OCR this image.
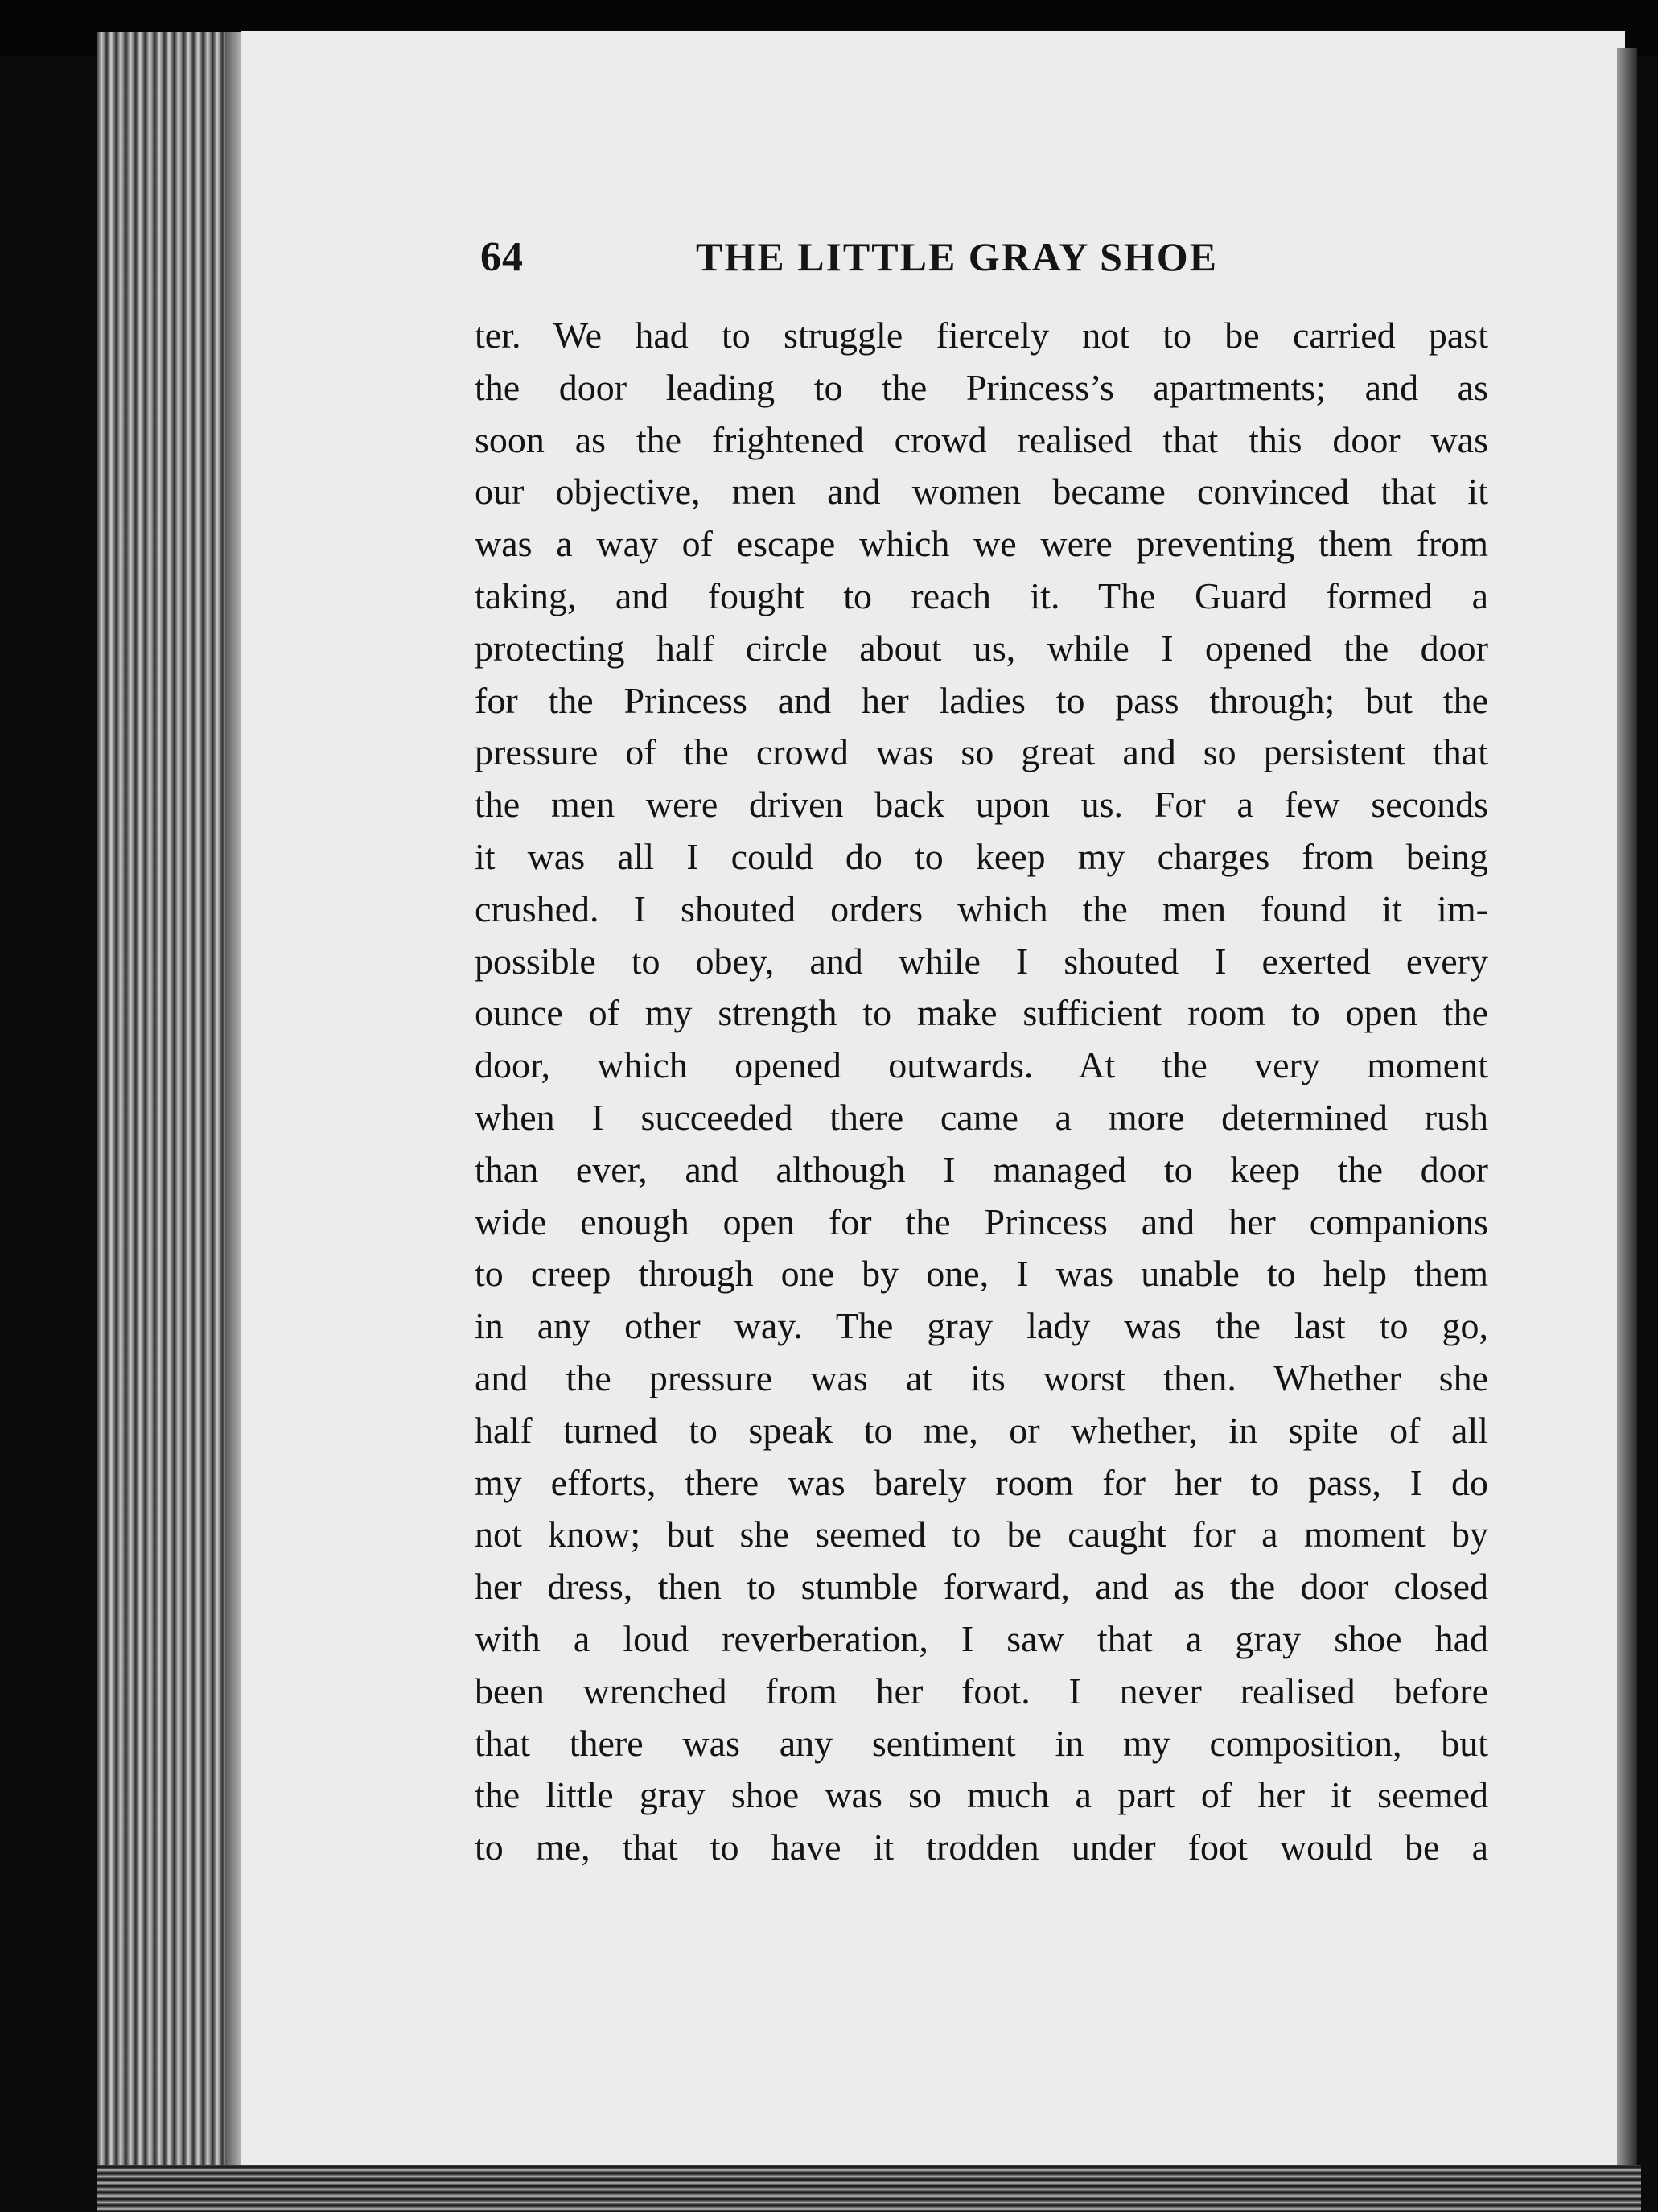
64	THE LITTLE GRAY SHOE
ter. We had to struggle fiercely not to be carried past
the door leading to the Princess’s apartments; and as
soon as the frightened crowd realised that this door was
our objective, men and women became convinced that it
was a way of escape which we were preventing them from
taking, and fought to reach it. The Guard formed a
protecting half circle about us, while I opened the door
for the Princess and her ladies to pass through; but the
pressure of the crowd was so great and so persistent that
the men were driven back upon us. For a few seconds
it was all I could do to keep my charges from being
crushed. I shouted orders which the men found it im-
possible to obey, and while I shouted I exerted every
ounce of my strength to make sufficient room to open the
door, which opened outwards. At the very moment
when I succeeded there came a more determined rush
than ever, and although I managed to keep the door
wide enough open for the Princess and her companions
to creep through one by one, I was unable to help them
in any other way. The gray lady was the last to go,
and the pressure was at its worst then. Whether she
half turned to speak to me, or whether, in spite of all
my efforts, there was barely room for her to pass, I do
not know; but she seemed to be caught for a moment by
her dress, then to stumble forward, and as the door closed
with a loud reverberation, I saw that a gray shoe had
been wrenched from her foot. I never realised before
that there was any sentiment in my composition, but
the little gray shoe was so much a part of her it seemed
to me, that to have it trodden under foot would be a
